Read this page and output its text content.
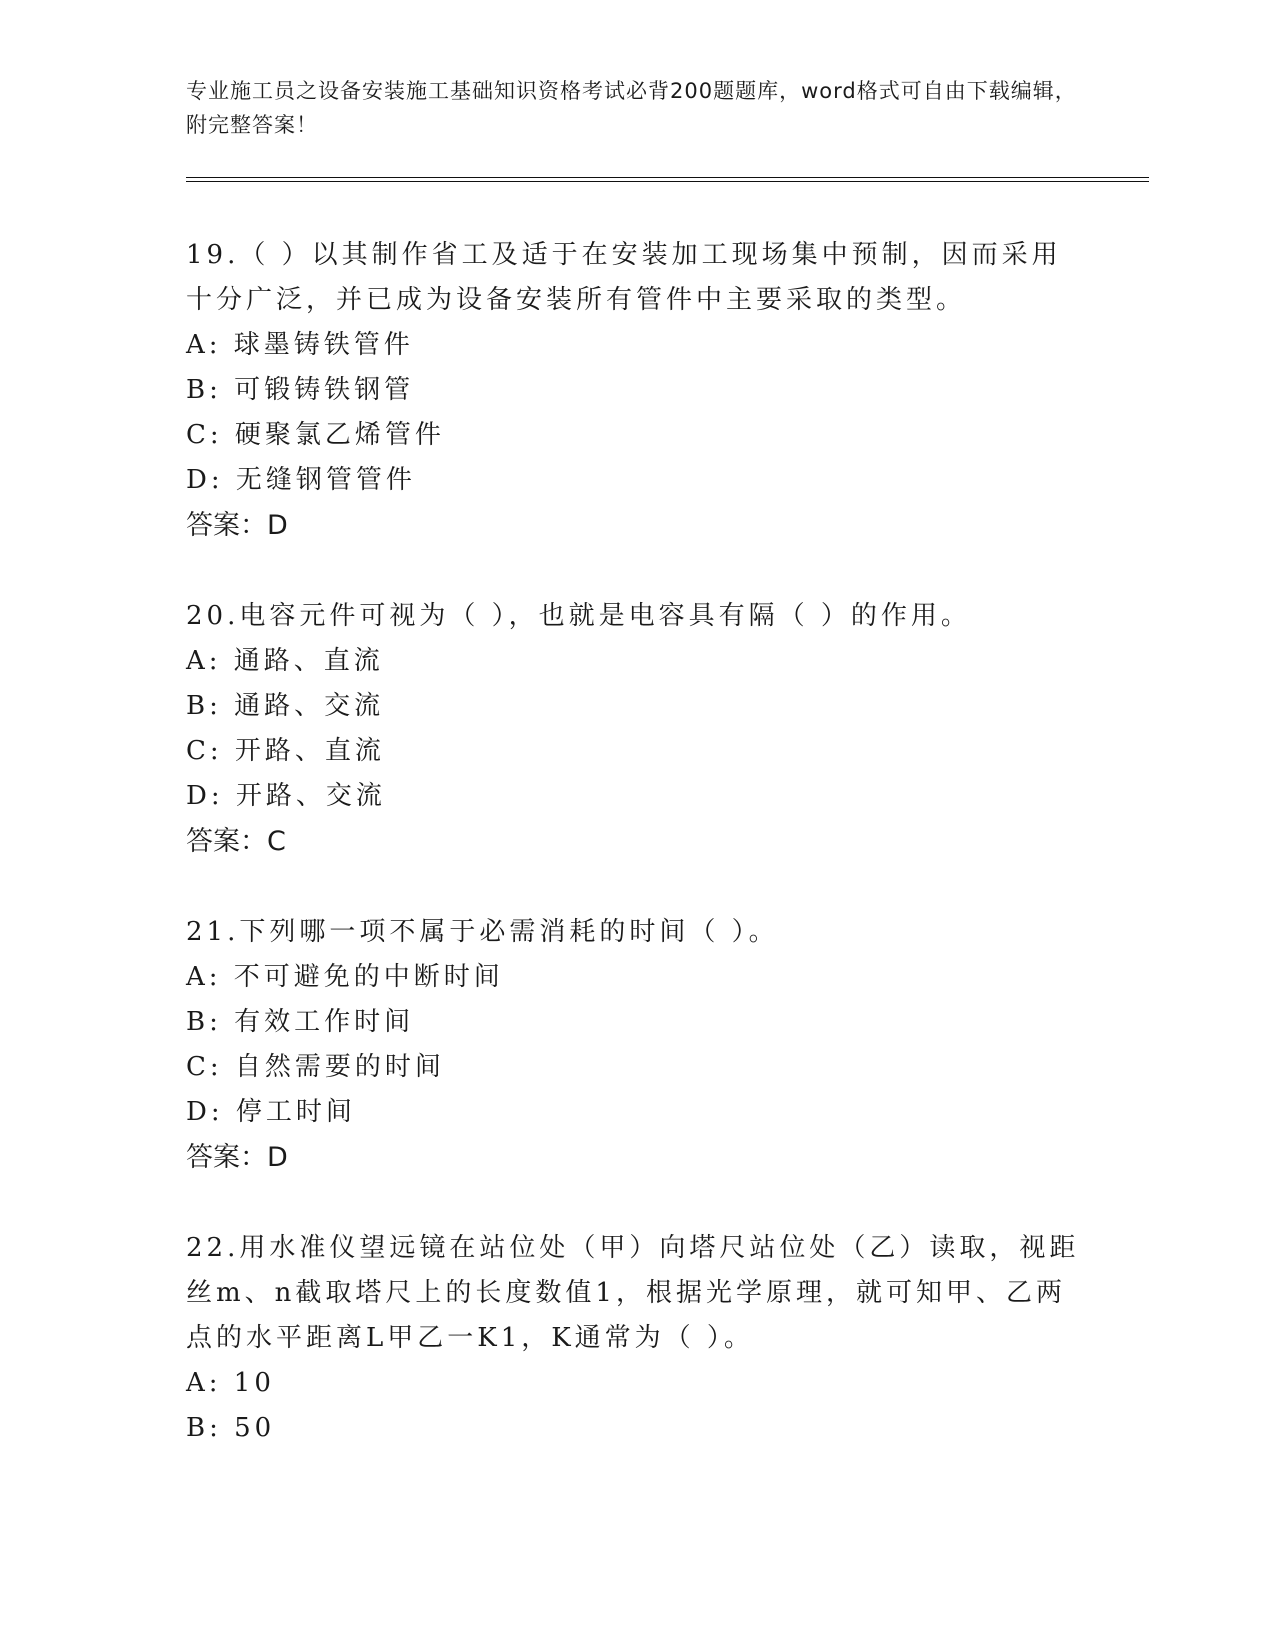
专业施工员之设备安装施工基础知识资格考试必背200题题库，word格式可自由下载编辑，附完整答案！

19.（ ）以其制作省工及适于在安装加工现场集中预制，因而采用十分广泛，并已成为设备安装所有管件中主要采取的类型。

A: 球墨铸铁管件

B: 可锻铸铁钢管

C: 硬聚氯乙烯管件

D: 无缝钢管管件

答案：D

20.电容元件可视为（ ），也就是电容具有隔（ ）的作用。

A: 通路、直流

B: 通路、交流

C: 开路、直流

D: 开路、交流

答案：C

21.下列哪一项不属于必需消耗的时间（ ）。

A: 不可避免的中断时间

B: 有效工作时间

C: 自然需要的时间

D: 停工时间

答案：D

22.用水准仪望远镜在站位处（甲）向塔尺站位处（乙）读取，视距丝m、n截取塔尺上的长度数值1，根据光学原理，就可知甲、乙两点的水平距离L甲乙一K1，K通常为（ ）。

A: 10

B: 50
